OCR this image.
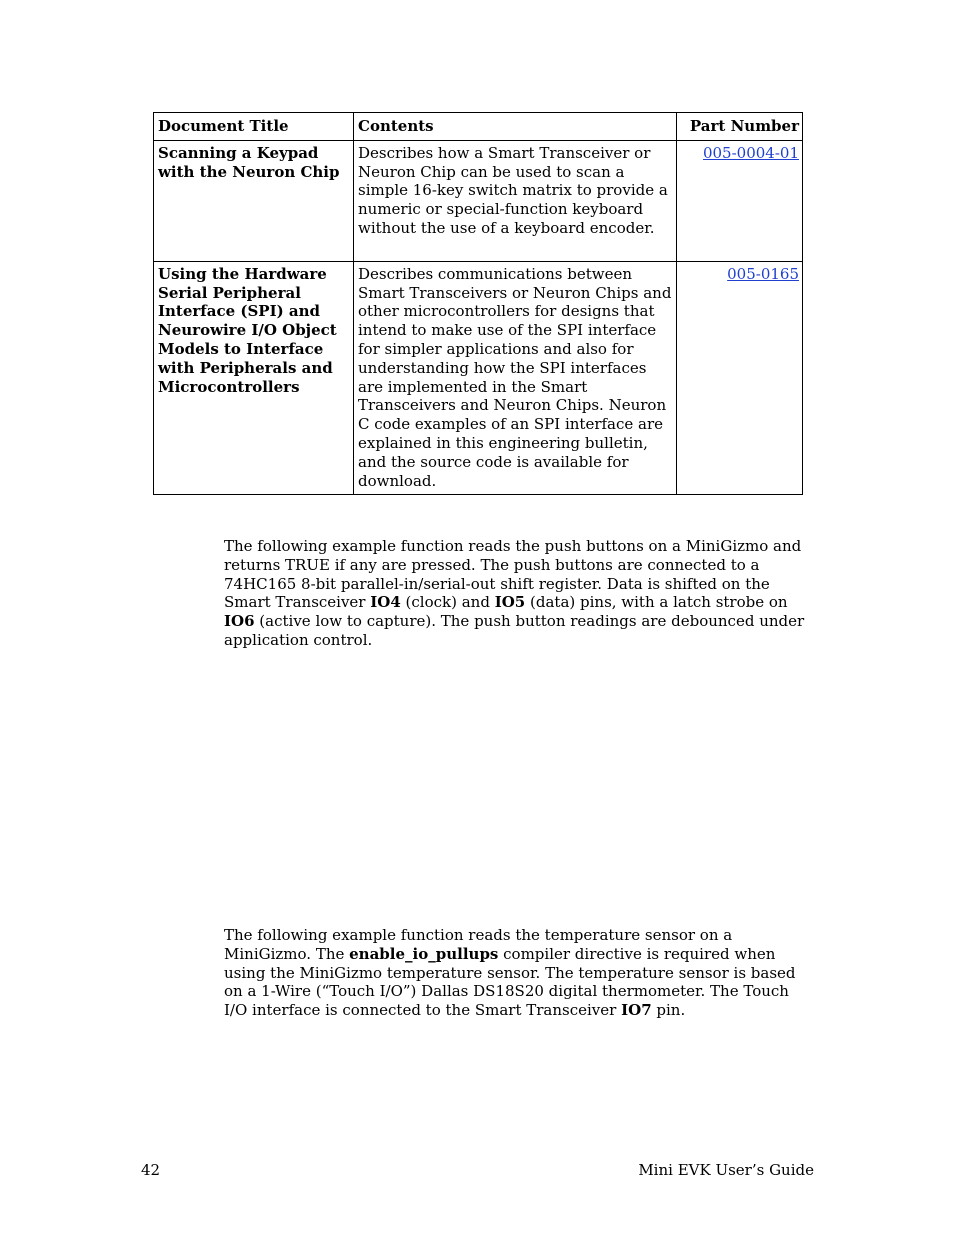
Document Title	Contents	Part Number
Scanning a Keypad with the Neuron Chip	Describes how a Smart Transceiver or Neuron Chip can be used to scan a simple 16-key switch matrix to provide a numeric or special-function keyboard without the use of a keyboard encoder.	005-0004-01
Using the Hardware Serial Peripheral Interface (SPI) and Neurowire I/O Object Models to Interface with Peripherals and Microcontrollers	Describes communications between Smart Transceivers or Neuron Chips and other microcontrollers for designs that intend to make use of the SPI interface for simpler applications and also for understanding how the SPI interfaces are implemented in the Smart Transceivers and Neuron Chips. Neuron C code examples of an SPI interface are explained in this engineering bulletin, and the source code is available for download.	005-0165

The following example function reads the push buttons on a MiniGizmo and returns TRUE if any are pressed. The push buttons are connected to a 74HC165 8-bit parallel-in/serial-out shift register. Data is shifted on the Smart Transceiver IO4 (clock) and IO5 (data) pins, with a latch strobe on IO6 (active low to capture). The push button readings are debounced under application control.

The following example function reads the temperature sensor on a MiniGizmo. The enable_io_pullups compiler directive is required when using the MiniGizmo temperature sensor. The temperature sensor is based on a 1-Wire (“Touch I/O”) Dallas DS18S20 digital thermometer. The Touch I/O interface is connected to the Smart Transceiver IO7 pin.

42	Mini EVK User’s Guide
